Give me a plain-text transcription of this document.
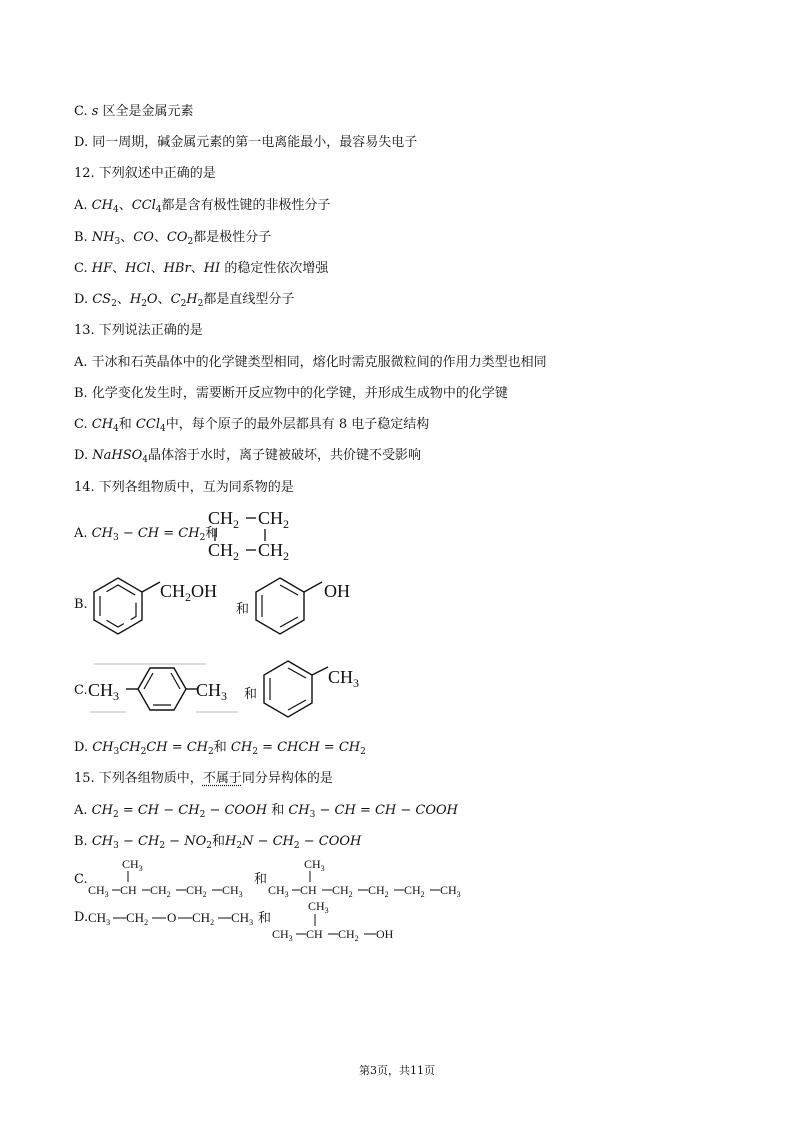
C. s 区全是金属元素
D. 同一周期，碱金属元素的第一电离能最小，最容易失电子
12. 下列叙述中正确的是
A. $CH_4$、CCl$_4$都是含有极性键的非极性分子
B. $NH_3$、CO、$CO_2$都是极性分子
C. HF、HCl、HBr、HI 的稳定性依次增强
D. $CS_2$、$H_2O$、$C_2H_2$都是直线型分子
13. 下列说法正确的是
A. 干冰和石英晶体中的化学键类型相同，熔化时需克服微粒间的作用力类型也相同
B. 化学变化发生时，需要断开反应物中的化学键，并形成生成物中的化学键
C. $CH_4$和 CCl$_4$中，每个原子的最外层都具有 8 电子稳定结构
D. NaHSO$_4$晶体溶于水时，离子键被破坏，共价键不受影响
14. 下列各组物质中，互为同系物的是
A. $CH_3$ − CH = $CH_2$和
$CH_2$ $CH_2$
$CH_2$ $CH_2$
B.
$CH_2OH$
和
OH
C. $CH_3$	$CH_3$ 和
$CH_3$
D. $CH_3CH_2CH = CH_2$和 $CH_2$ = CHCH = $CH_2$
15. 下列各组物质中，不属于同分异构体的是
A. $CH_2$ = CH − $CH_2$ − COOH 和 $CH_3$ − CH = CH − COOH
B. $CH_3 - CH_2 - NO_2$和$H_2N - CH_2$ − COOH
C.
$CH_3$
$CH_3$ CH $CH_2$ $CH_2$ $CH_3$
和
$CH_3$
$CH_3$ CH $CH_2$ $CH_2$ $CH_2$ $CH_3$
D. $CH_3$ $CH_2$ O $CH_2$ $CH_3$ 和
$CH_3$
$CH_3$ CH $CH_2$ OH
第3页，共11页
